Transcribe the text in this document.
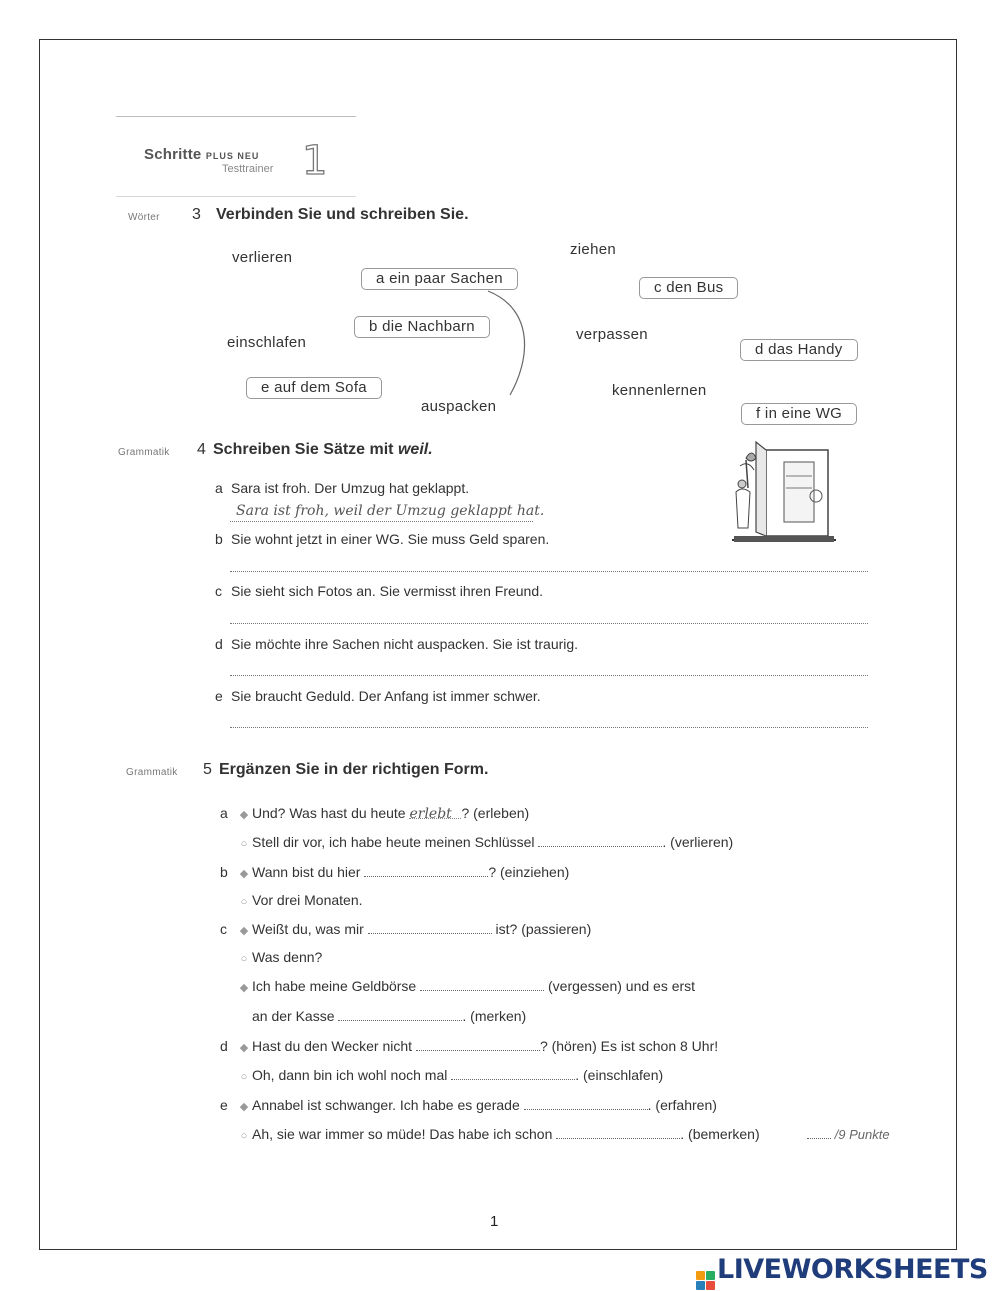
Schritte PLUS NEU
Testtrainer 1
Wörter 3 Verbinden Sie und schreiben Sie.
verlieren	ziehen
einschlafen	verpassen
auspacken
kennenlernen
a ein paar Sachen
b die Nachbarn
c den Bus
d das Handy
e auf dem Sofa
f in eine WG
Grammatik 4 Schreiben Sie Sätze mit weil.
a Sara ist froh. Der Umzug hat geklappt.
Sara ist froh, weil der Umzug geklappt hat.
b Sie wohnt jetzt in einer WG. Sie muss Geld sparen.
c Sie sieht sich Fotos an. Sie vermisst ihren Freund.
d Sie möchte ihre Sachen nicht auspacken. Sie ist traurig.
e Sie braucht Geduld. Der Anfang ist immer schwer.
Grammatik 5 Ergänzen Sie in der richtigen Form.
a ◆ Und? Was hast du heute erlebt ? (erleben)
○ Stell dir vor, ich habe heute meinen Schlüssel	. (verlieren)
b ◆ Wann bist du hier	? (einziehen)
○ Vor drei Monaten.
c ◆ Weißt du, was mir	ist? (passieren)
○ Was denn?
◆ Ich habe meine Geldbörse	(vergessen) und es erst
an der Kasse	. (merken)
d ◆ Hast du den Wecker nicht	? (hören) Es ist schon 8 Uhr!
○ Oh, dann bin ich wohl noch mal	. (einschlafen)
e ◆ Annabel ist schwanger. Ich habe es gerade	. (erfahren)
○ Ah, sie war immer so müde! Das habe ich schon	. (bemerken)	/9 Punkte
1
LIVEWORKSHEETS
